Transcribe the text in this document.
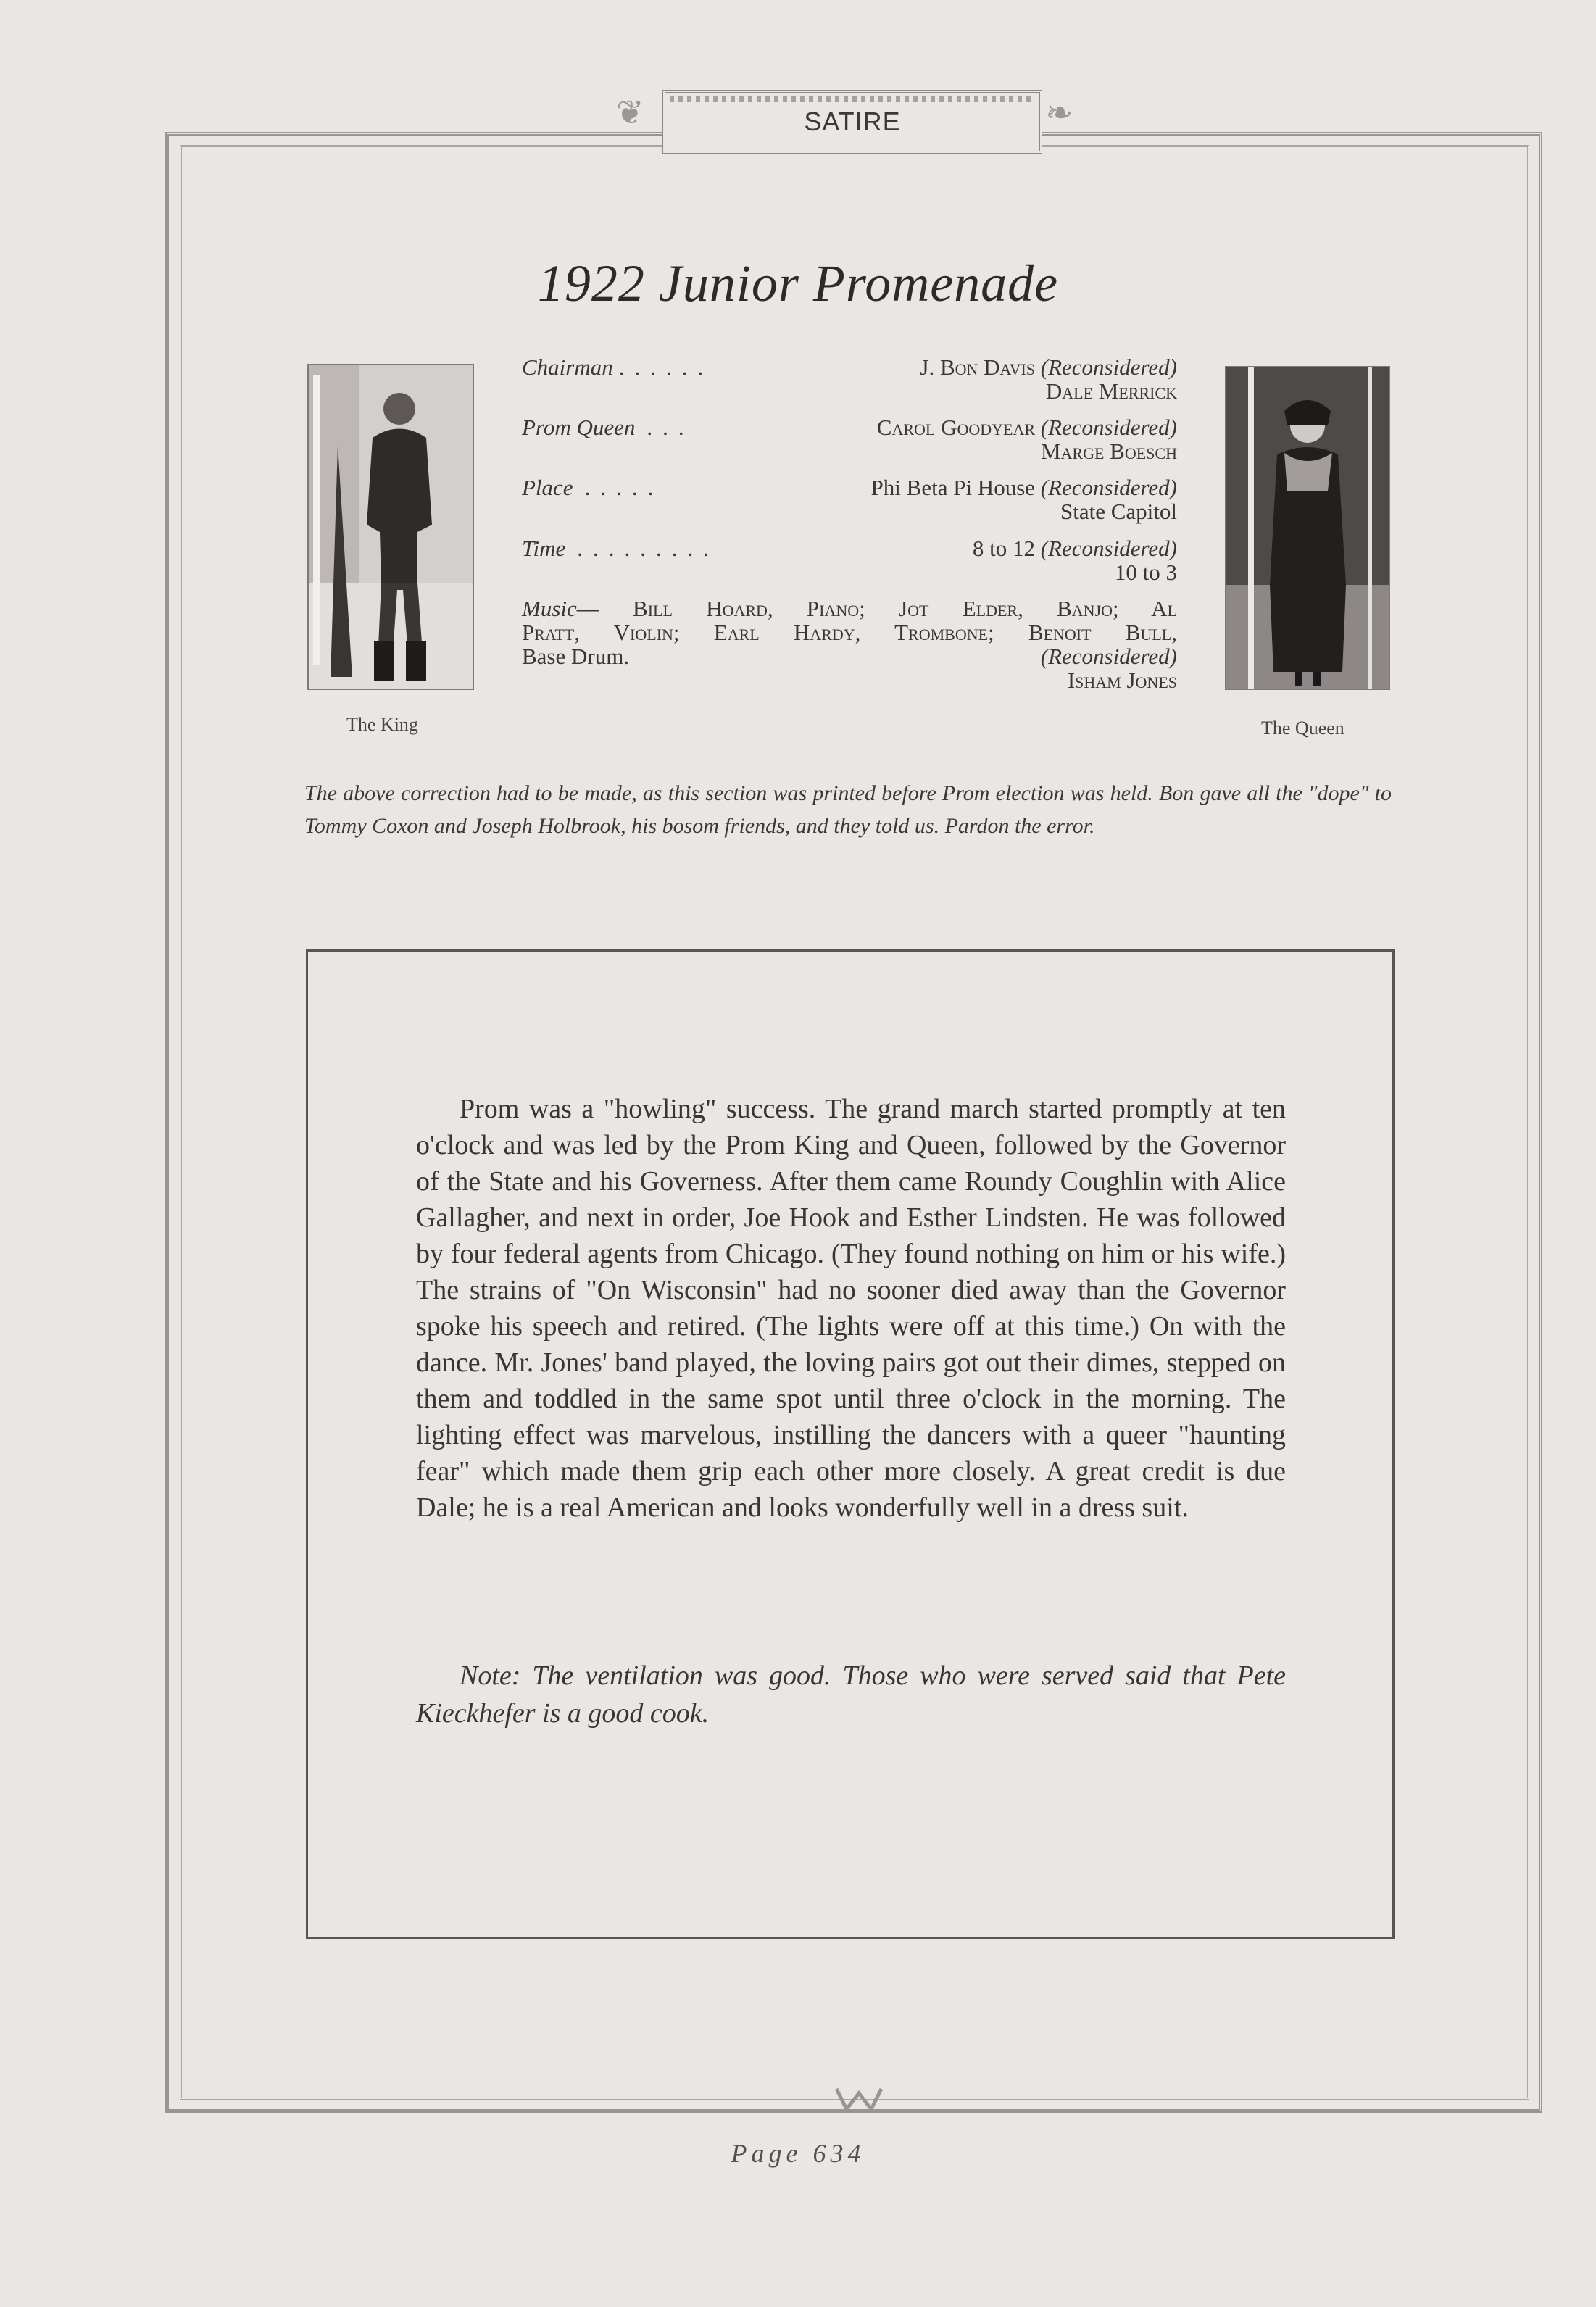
❦	❧
SATIRE
1922 Junior Promenade
The King	The Queen
Chairman ......	J. Bon Davis (Reconsidered)
Dale Merrick
Prom Queen ...	Carol Goodyear (Reconsidered)
Marge Boesch
Place .....	Phi Beta Pi House (Reconsidered)
State Capitol
Time .........	8 to 12 (Reconsidered)
10 to 3
Music— Bill Hoard, Piano; Jot Elder, Banjo; Al
Pratt, Violin; Earl Hardy, Trombone; Benoit Bull,
Base Drum.	(Reconsidered)
Isham Jones
The above correction had to be made, as this section was printed before Prom election was held. Bon gave all the "dope" to Tommy Coxon and Joseph Holbrook, his bosom friends, and they told us. Pardon the error.
Prom was a "howling" success. The grand march started promptly at ten o'clock and was led by the Prom King and Queen, followed by the Governor of the State and his Governess. After them came Roundy Coughlin with Alice Gallagher, and next in order, Joe Hook and Esther Lindsten. He was followed by four federal agents from Chicago. (They found nothing on him or his wife.) The strains of "On Wisconsin" had no sooner died away than the Governor spoke his speech and retired. (The lights were off at this time.) On with the dance. Mr. Jones' band played, the loving pairs got out their dimes, stepped on them and toddled in the same spot until three o'clock in the morning. The lighting effect was marvelous, instilling the dancers with a queer "haunting fear" which made them grip each other more closely. A great credit is due Dale; he is a real American and looks wonderfully well in a dress suit.
Note: The ventilation was good. Those who were served said that Pete Kieckhefer is a good cook.
Page 634
